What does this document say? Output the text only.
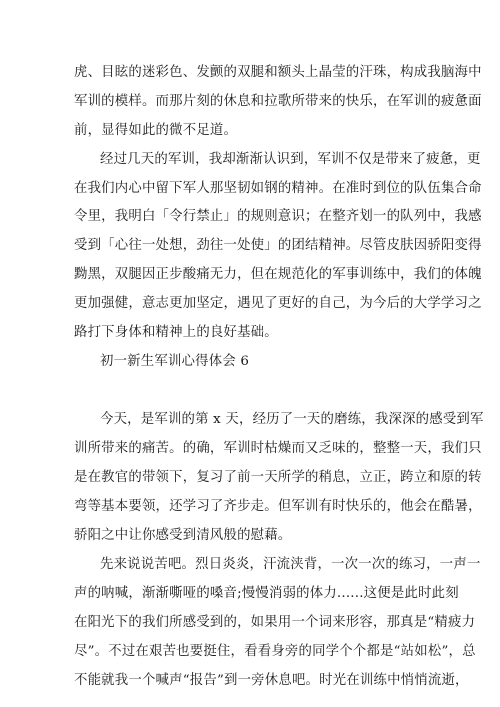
虎、目眩的迷彩色、发颤的双腿和额头上晶莹的汗珠，构成我脑海中
军训的模样。而那片刻的休息和拉歌所带来的快乐，在军训的疲惫面
前，显得如此的微不足道。
经过几天的军训，我却渐渐认识到，军训不仅是带来了疲惫，更
在我们内心中留下军人那坚韧如钢的精神。在准时到位的队伍集合命
令里，我明白「令行禁止」的规则意识；在整齐划一的队列中，我感
受到「心往一处想，劲往一处使」的团结精神。尽管皮肤因骄阳变得
黝黑，双腿因正步酸痛无力，但在规范化的军事训练中，我们的体魄
更加强健，意志更加坚定，遇见了更好的自己，为今后的大学学习之
路打下身体和精神上的良好基础。
初一新生军训心得体会 6
今天，是军训的第 x 天，经历了一天的磨练，我深深的感受到军
训所带来的痛苦。的确，军训时枯燥而又乏味的，整整一天，我们只
是在教官的带领下，复习了前一天所学的稍息，立正，跨立和原的转
弯等基本要领，还学习了齐步走。但军训有时快乐的，他会在酷暑，
骄阳之中让你感受到清风般的慰藉。
先来说说苦吧。烈日炎炎，汗流浃背，一次一次的练习，一声一
声的呐喊，渐渐嘶哑的嗓音;慢慢消弱的体力......这便是此时此刻
在阳光下的我们所感受到的，如果用一个词来形容，那真是“精疲力
尽”。不过在艰苦也要挺住，看看身旁的同学个个都是“站如松”，总
不能就我一个喊声“报告”到一旁休息吧。时光在训练中悄悄流逝，
